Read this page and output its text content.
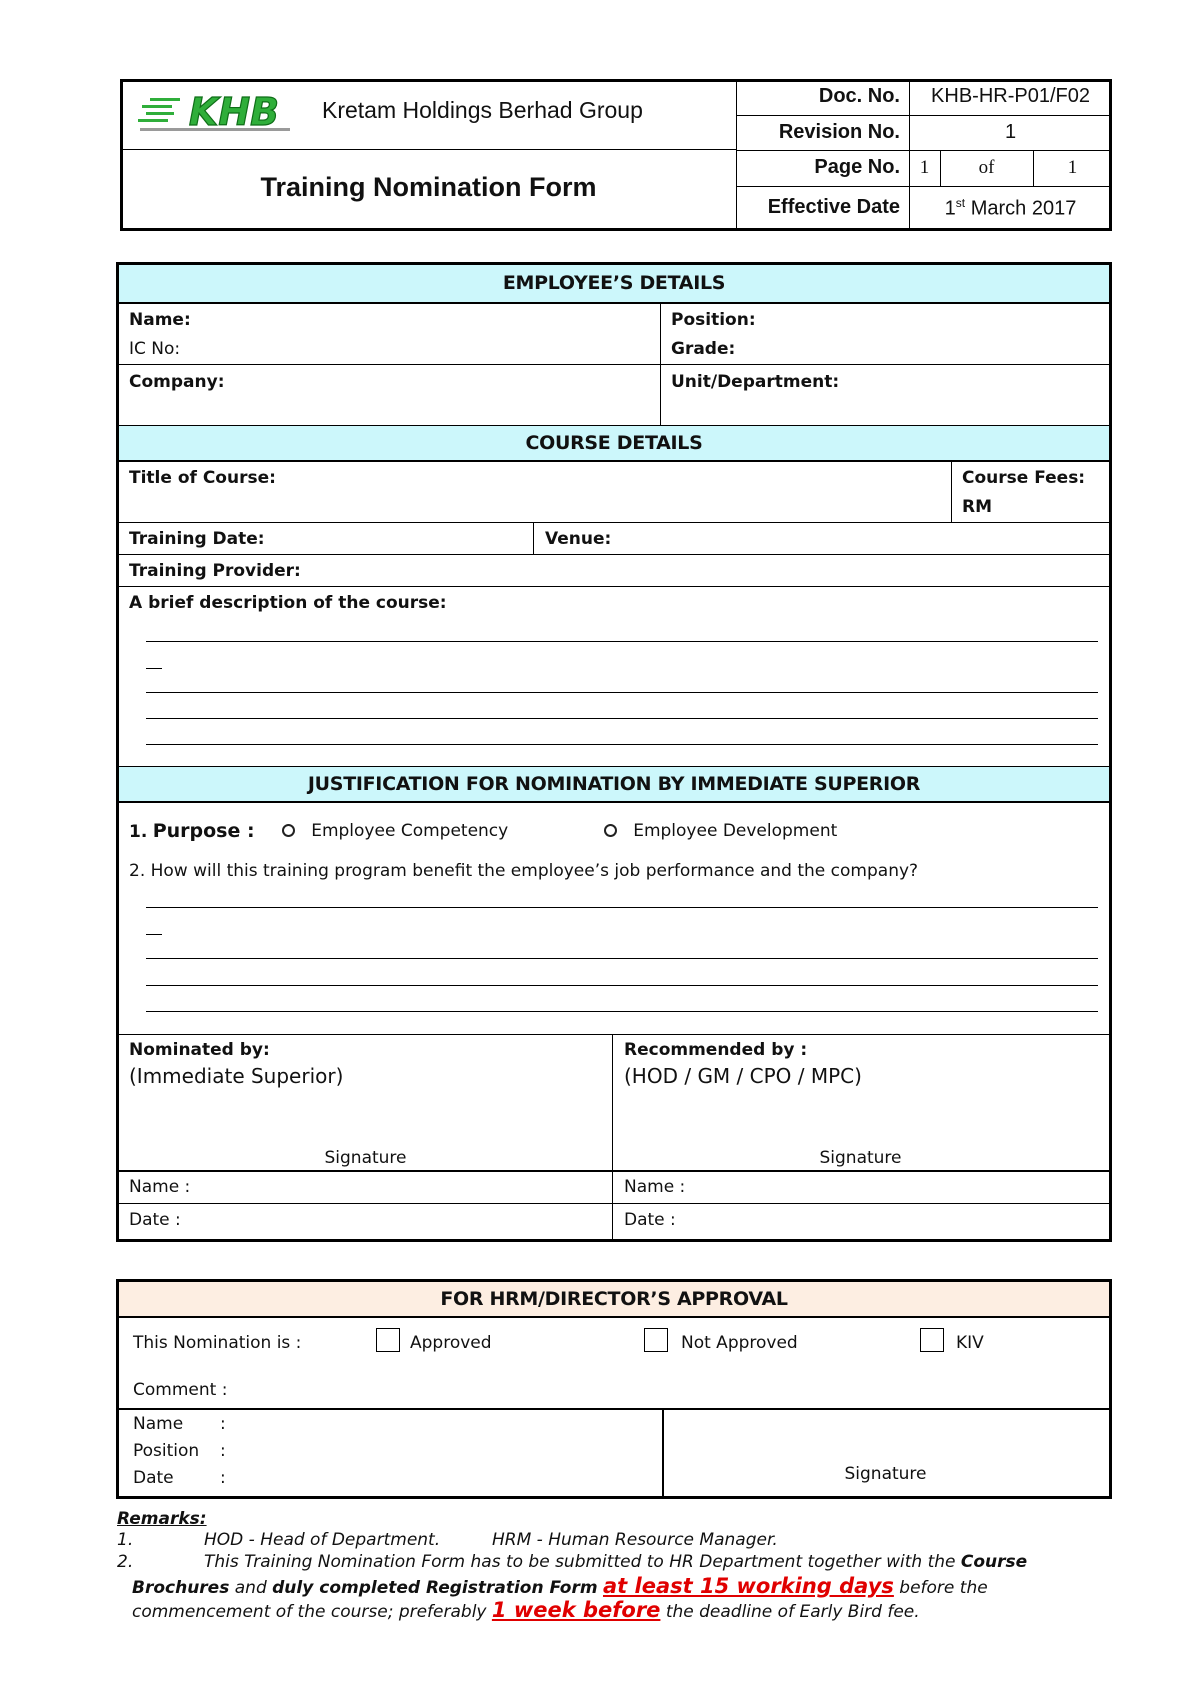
KHB Kretam Holdings Berhad Group
Training Nomination Form
Doc. No.	KHB-HR-P01/F02
Revision No.	1
Page No.	1	of	1
Effective Date	1st March 2017
EMPLOYEE’S DETAILS
Name:	Position:
IC No:	Grade:
Company:	Unit/Department:
COURSE DETAILS
Title of Course:	Course Fees:
RM
Training Date:	Venue:
Training Provider:
A brief description of the course:
JUSTIFICATION FOR NOMINATION BY IMMEDIATE SUPERIOR
1. Purpose :	Employee Competency	Employee Development
2. How will this training program benefit the employee’s job performance and the company?
Nominated by:
(Immediate Superior)
Recommended by :
(HOD / GM / CPO / MPC)
Signature	Signature
Name :	Name :
Date :	Date :
FOR HRM/DIRECTOR’S APPROVAL
This Nomination is :	Approved	Not Approved	KIV
Comment :
Name :
Position :
Date	:	Signature
Remarks:
1.	HOD - Head of Department.	HRM - Human Resource Manager.
2.	This Training Nomination Form has to be submitted to HR Department together with the Course
Brochures and duly completed Registration Form at least 15 working days before the
commencement of the course; preferably 1 week before the deadline of Early Bird fee.
